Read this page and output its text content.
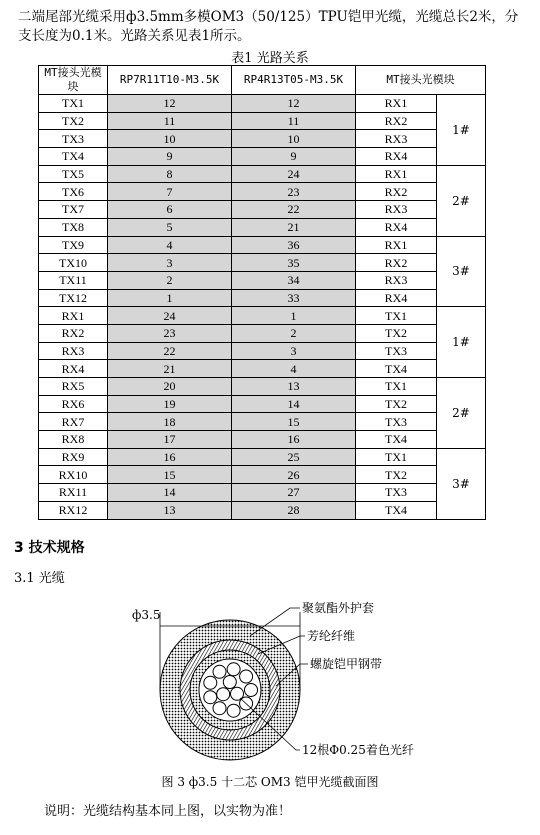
二端尾部光缆采用ф3.5mm多模OM3（50/125）TPU铠甲光缆，光缆总长2米，分支长度为0.1米。光路关系见表1所示。
表1 光路关系
MT接头光模块	RP7R11T10-M3.5K	RP4R13T05-M3.5K	MT接头光模块	
TX1	12	12	RX1	1#
TX2	11	11	RX2	
TX3	10	10	RX3	
TX4	9	9	RX4	
TX5	8	24	RX1	2#
TX6	7	23	RX2	
TX7	6	22	RX3	
TX8	5	21	RX4	
TX9	4	36	RX1	3#
TX10	3	35	RX2	
TX11	2	34	RX3	
TX12	1	33	RX4	
RX1	24	1	TX1	1#
RX2	23	2	TX2	
RX3	22	3	TX3	
RX4	21	4	TX4	
RX5	20	13	TX1	2#
RX6	19	14	TX2	
RX7	18	15	TX3	
RX8	17	16	TX4	
RX9	16	25	TX1	3#
RX10	15	26	TX2	
RX11	14	27	TX3	
RX12	13	28	TX4	
3 技术规格
3.1 光缆
ф3.5	聚氨酯外护套
芳纶纤维
螺旋铠甲钢带
12根Φ0.25着色光纤
图 3 ф3.5 十二芯 OM3 铠甲光缆截面图
说明：光缆结构基本同上图，以实物为准！
